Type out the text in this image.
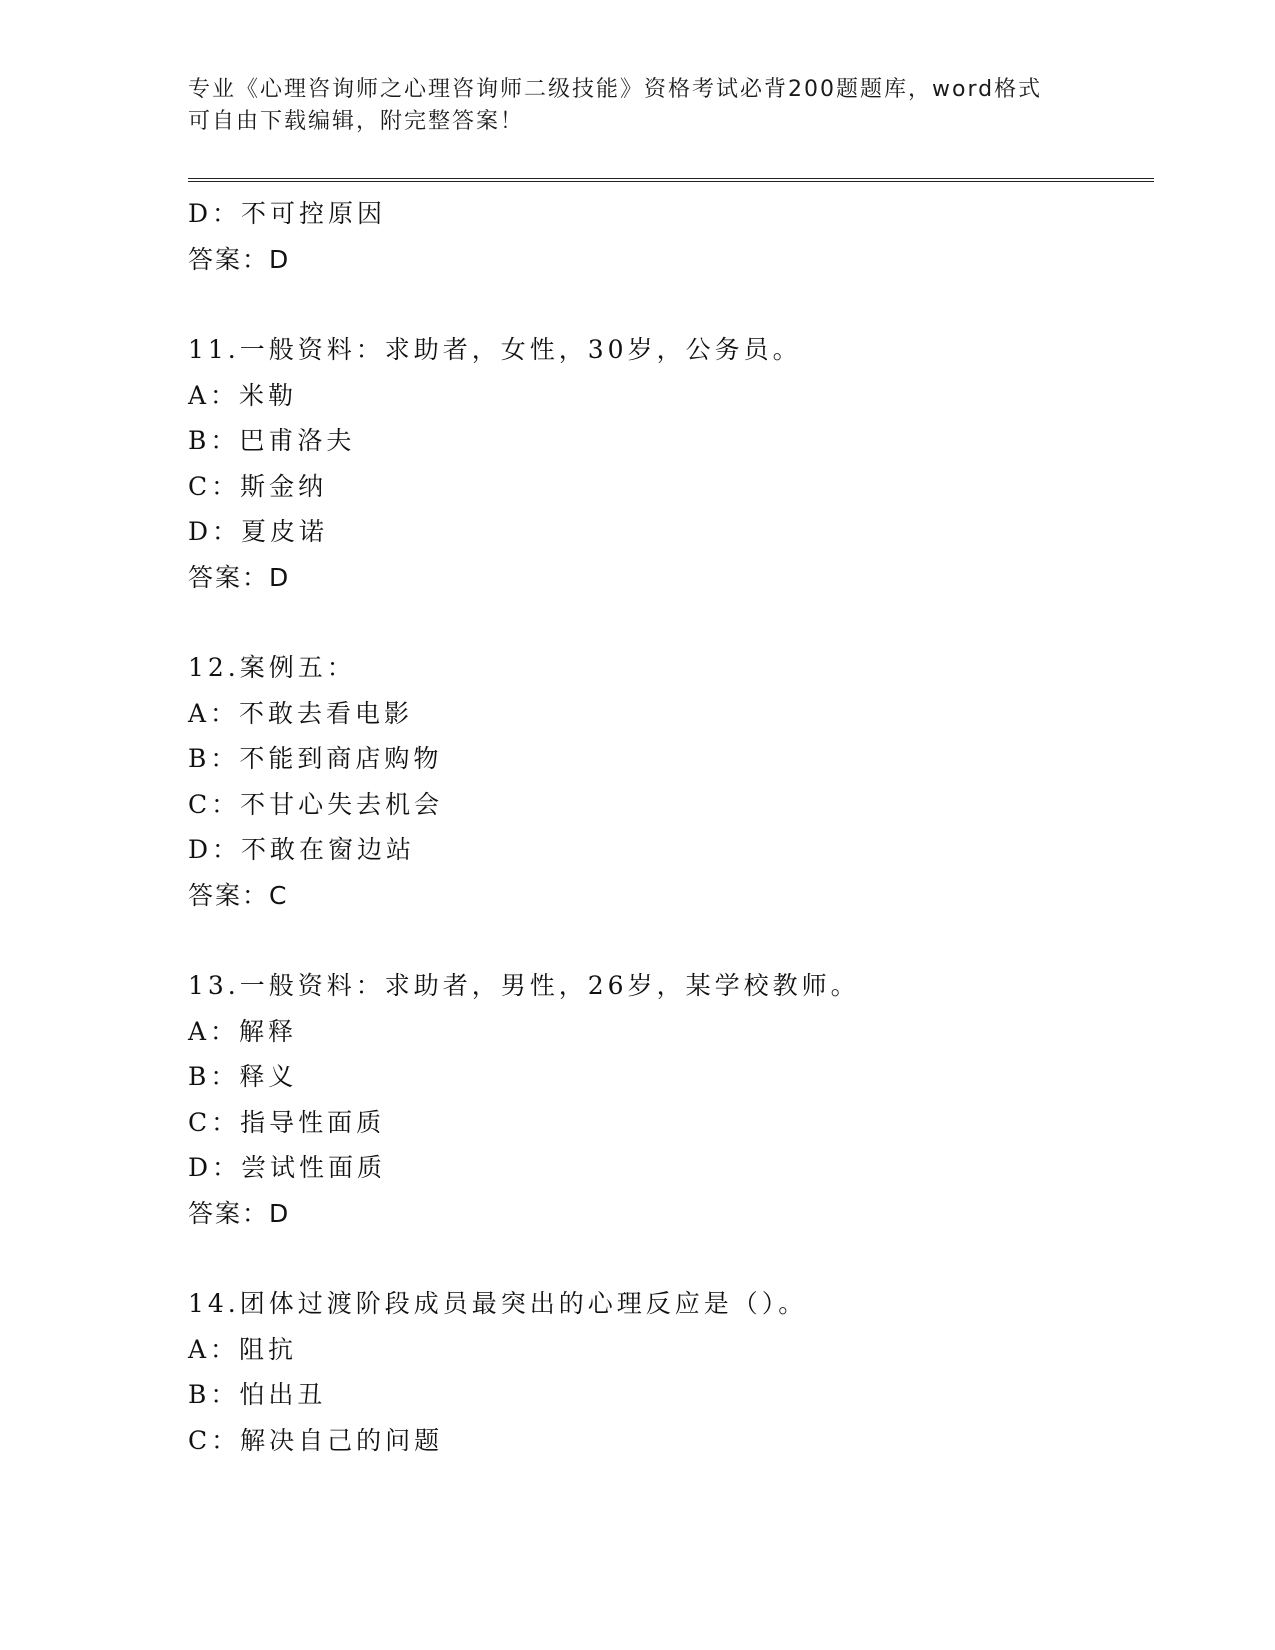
专业《心理咨询师之心理咨询师二级技能》资格考试必背200题题库，word格式
可自由下载编辑，附完整答案！
D：不可控原因
答案：D
11.一般资料：求助者，女性，30岁，公务员。
A：米勒
B：巴甫洛夫
C：斯金纳
D：夏皮诺
答案：D
12.案例五：
A：不敢去看电影
B：不能到商店购物
C：不甘心失去机会
D：不敢在窗边站
答案：C
13.一般资料：求助者，男性，26岁，某学校教师。
A：解释
B：释义
C：指导性面质
D：尝试性面质
答案：D
14.团体过渡阶段成员最突出的心理反应是（）。
A：阻抗
B：怕出丑
C：解决自己的问题
